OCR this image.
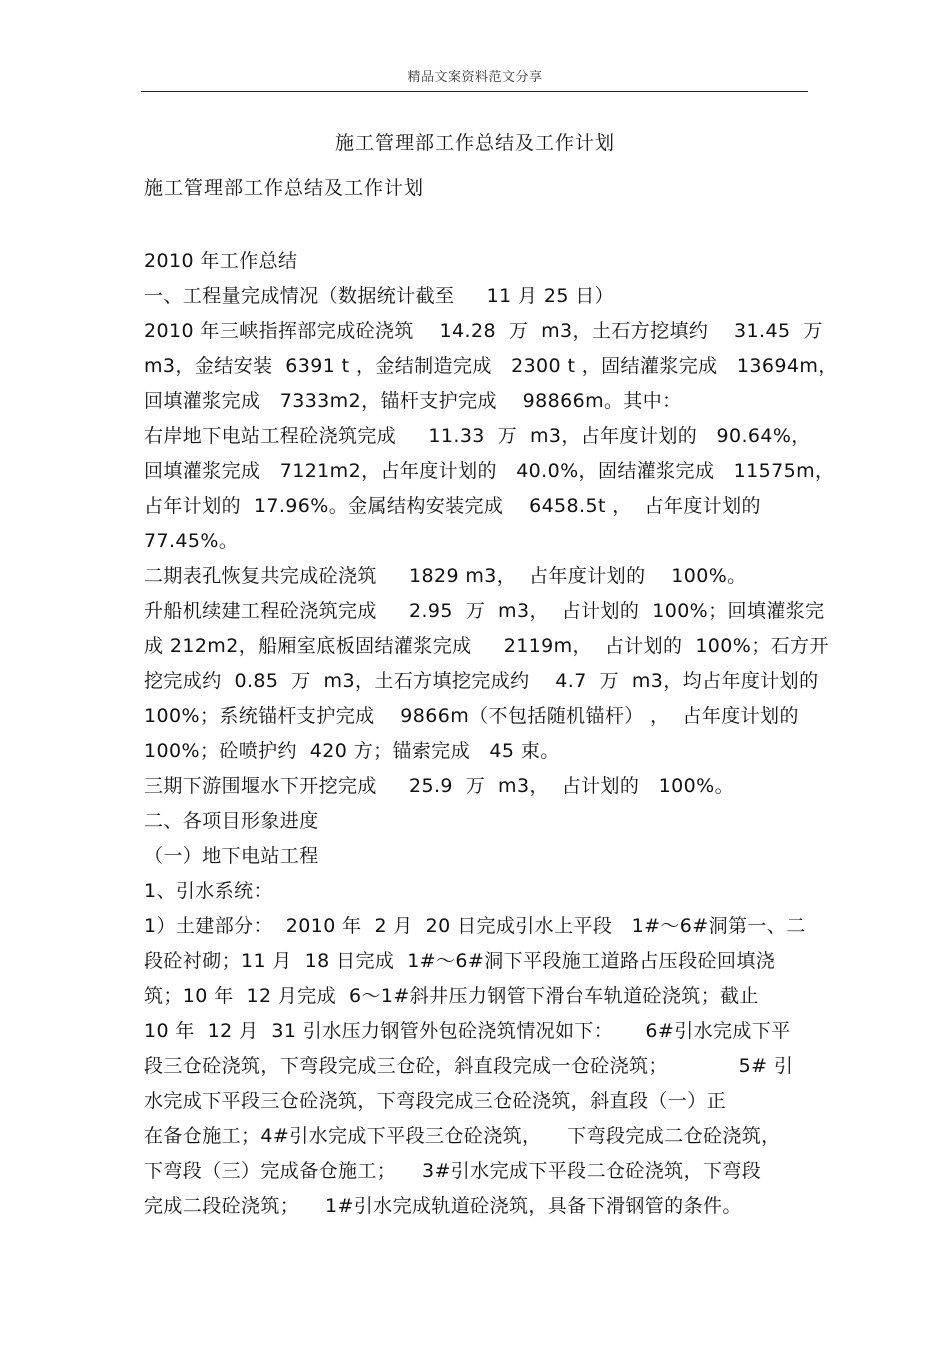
精品文案资料范文分享
施工管理部工作总结及工作计划
施工管理部工作总结及工作计划
2010 年工作总结
一、工程量完成情况（数据统计截至     11 月 25 日）
2010 年三峡指挥部完成砼浇筑    14.28  万  m3，土石方挖填约    31.45  万
m3，金结安装  6391 t ，金结制造完成   2300 t ，固结灌浆完成   13694m，
回填灌浆完成   7333m2，锚杆支护完成    98866m。其中：
右岸地下电站工程砼浇筑完成     11.33  万  m3，占年度计划的   90.64%，
回填灌浆完成   7121m2，占年度计划的   40.0%，固结灌浆完成   11575m，
占年计划的  17.96%。金属结构安装完成    6458.5t ，  占年度计划的
77.45%。
二期表孔恢复共完成砼浇筑     1829 m3，  占年度计划的    100%。
升船机续建工程砼浇筑完成     2.95  万  m3，  占计划的  100%；回填灌浆完
成 212m2，船厢室底板固结灌浆完成     2119m，  占计划的  100%；石方开
挖完成约  0.85  万  m3，土石方填挖完成约    4.7  万  m3，均占年度计划的
100%；系统锚杆支护完成    9866m（不包括随机锚杆） ，  占年度计划的
100%；砼喷护约  420 方；锚索完成   45 束。
三期下游围堰水下开挖完成     25.9  万  m3，  占计划的   100%。
二、各项目形象进度
（一）地下电站工程
1、引水系统：
1）土建部分：  2010 年  2 月  20 日完成引水上平段   1#～6#洞第一、二
段砼衬砌；11 月  18 日完成  1#～6#洞下平段施工道路占压段砼回填浇
筑；10 年  12 月完成  6～1#斜井压力钢管下滑台车轨道砼浇筑；截止
10 年  12 月  31 引水压力钢管外包砼浇筑情况如下：     6#引水完成下平
段三仓砼浇筑，下弯段完成三仓砼，斜直段完成一仓砼浇筑；           5# 引
水完成下平段三仓砼浇筑，下弯段完成三仓砼浇筑，斜直段（一）正
在备仓施工；4#引水完成下平段三仓砼浇筑，    下弯段完成二仓砼浇筑，
下弯段（三）完成备仓施工；    3#引水完成下平段二仓砼浇筑，下弯段
完成二段砼浇筑；    1#引水完成轨道砼浇筑，具备下滑钢管的条件。
